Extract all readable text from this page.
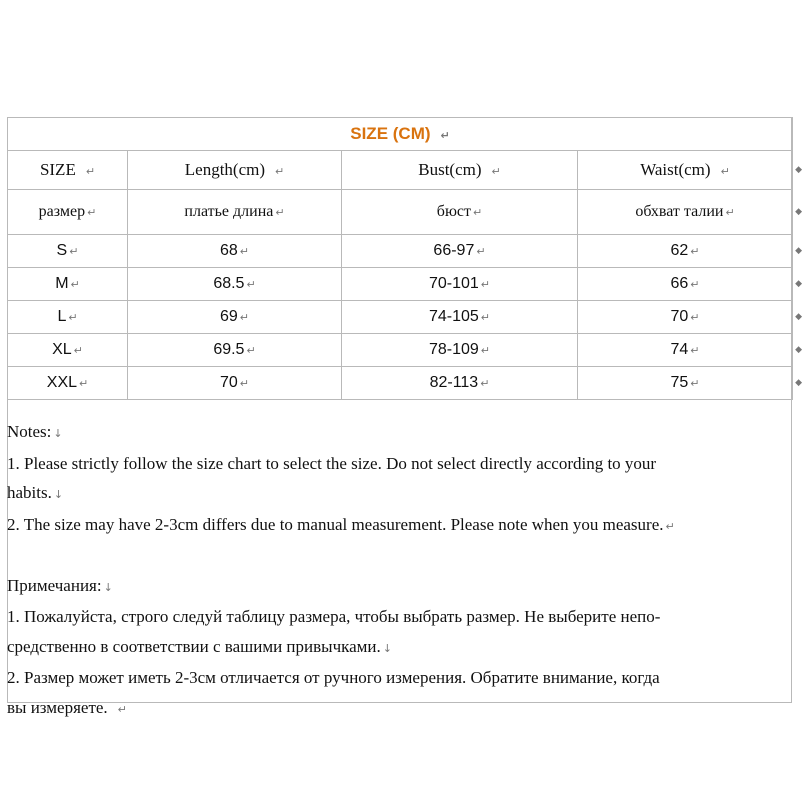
SIZE (CM) ↵			
SIZE ↵	Length(cm) ↵	Bust(cm) ↵	Waist(cm) ↵ ◆

размер ↵	платье длина ↵	бюст ↵	обхват талии ↵ ◆

S ↵	68 ↵	66-97 ↵	62 ↵ ◆

M ↵	68.5 ↵	70-101 ↵	66 ↵ ◆

L ↵	69 ↵	74-105 ↵	70 ↵ ◆

XL ↵	69.5 ↵	78-109 ↵	74 ↵ ◆

XXL ↵	70 ↵	82-113 ↵	75 ↵ ◆

Notes: ↓

1. Please strictly follow the size chart to select the size. Do not select directly according to your

habits. ↓

2. The size may have 2-3cm differs due to manual measurement. Please note when you measure. ↵

Примечания: ↓

1. Пожалуйста, строго следуй таблицу размера, чтобы выбрать размер. Не выберите непо-

средственно в соответствии с вашими привычками. ↓

2. Размер может иметь 2-3см отличается от ручного измерения. Обратите внимание, когда

вы измеряете. ↵
